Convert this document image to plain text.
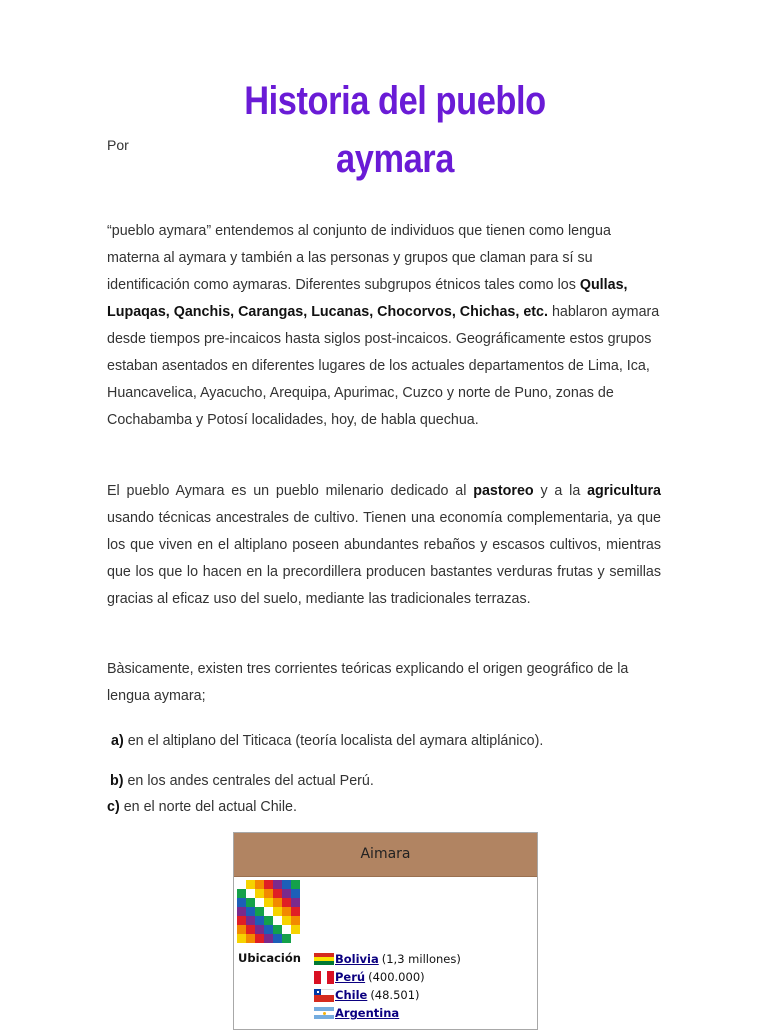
Historia del pueblo aymara
Por

“pueblo aymara” entendemos al conjunto de individuos que tienen como lengua materna al aymara y también a las personas y grupos que claman para sí su identificación como aymaras. Diferentes subgrupos étnicos tales como los Qullas, Lupaqas, Qanchis, Carangas, Lucanas, Chocorvos, Chichas, etc. hablaron aymara desde tiempos pre-incaicos hasta siglos post-incaicos. Geográficamente estos grupos estaban asentados en diferentes lugares de los actuales departamentos de Lima, Ica, Huancavelica, Ayacucho, Arequipa, Apurimac, Cuzco y norte de Puno, zonas de Cochabamba y Potosí localidades, hoy, de habla quechua.

El pueblo Aymara es un pueblo milenario dedicado al pastoreo y a la agricultura usando técnicas ancestrales de cultivo. Tienen una economía complementaria, ya que los que viven en el altiplano poseen abundantes rebaños y escasos cultivos, mientras que los que lo hacen en la precordillera producen bastantes verduras frutas y semillas gracias al eficaz uso del suelo, mediante las tradicionales terrazas.

Bàsicamente, existen tres corrientes teóricas explicando el origen geográfico de la lengua aymara;

a) en el altiplano del Titicaca (teoría localista del aymara altiplánico).
b) en los andes centrales del actual Perú.
c) en el norte del actual Chile.
Aimara
Ubicación	Bolivia (1,3 millones)
Perú (400.000)
Chile (48.501)
Argentina
